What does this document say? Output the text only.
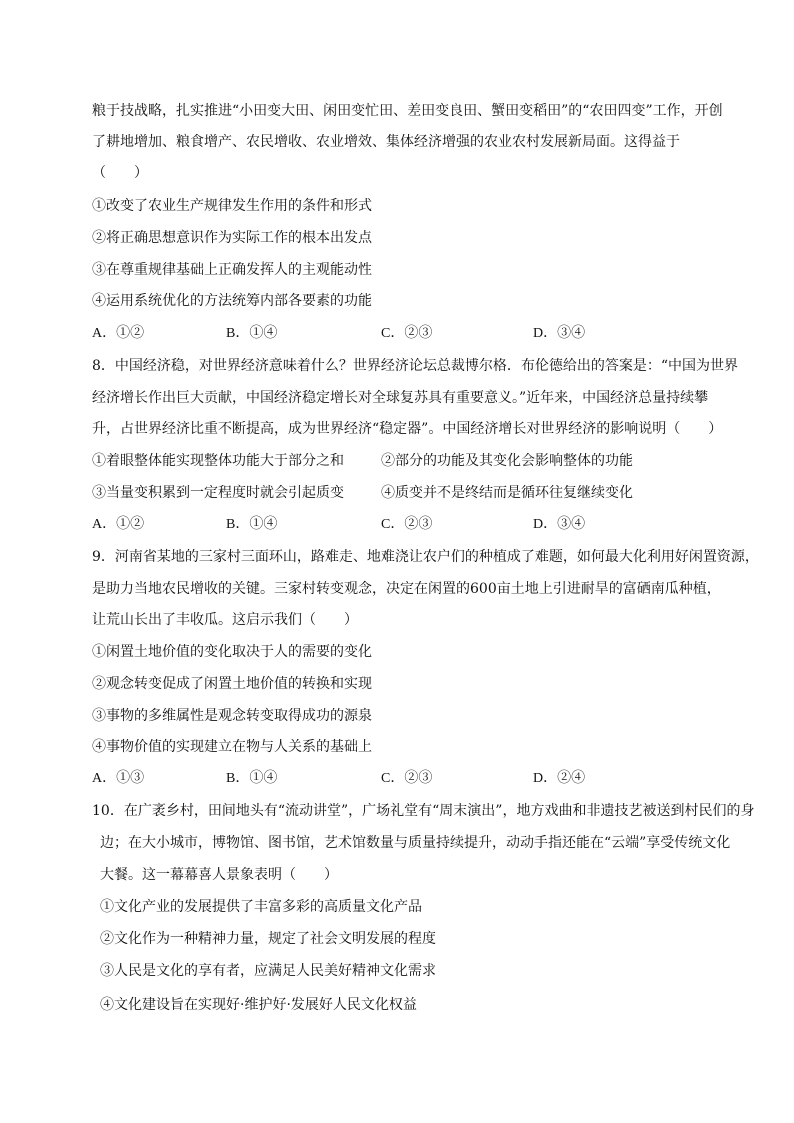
粮于技战略，扎实推进“小田变大田、闲田变忙田、差田变良田、蟹田变稻田”的“农田四变”工作，开创
了耕地增加、粮食增产、农民增收、农业增效、集体经济增强的农业农村发展新局面。这得益于
（　　）
①改变了农业生产规律发生作用的条件和形式
②将正确思想意识作为实际工作的根本出发点
③在尊重规律基础上正确发挥人的主观能动性
④运用系统优化的方法统筹内部各要素的功能
A．①②	B．①④	C．②③	D．③④
8．中国经济稳，对世界经济意味着什么？世界经济论坛总裁博尔格．布伦德给出的答案是：“中国为世界
经济增长作出巨大贡献，中国经济稳定增长对全球复苏具有重要意义。”近年来，中国经济总量持续攀
升，占世界经济比重不断提高，成为世界经济“稳定器”。中国经济增长对世界经济的影响说明（　　）
①着眼整体能实现整体功能大于部分之和	②部分的功能及其变化会影响整体的功能
③当量变积累到一定程度时就会引起质变	④质变并不是终结而是循环往复继续变化
A．①②	B．①④	C．②③	D．③④
9．河南省某地的三家村三面环山，路难走、地难浇让农户们的种植成了难题，如何最大化利用好闲置资源，
是助力当地农民增收的关键。三家村转变观念，决定在闲置的600亩土地上引进耐旱的富硒南瓜种植，
让荒山长出了丰收瓜。这启示我们（　　）
①闲置土地价值的变化取决于人的需要的变化
②观念转变促成了闲置土地价值的转换和实现
③事物的多维属性是观念转变取得成功的源泉
④事物价值的实现建立在物与人关系的基础上
A．①③	B．①④	C．②③	D．②④
10．在广袤乡村，田间地头有“流动讲堂”，广场礼堂有“周末演出”，地方戏曲和非遗技艺被送到村民们的身
边；在大小城市，博物馆、图书馆，艺术馆数量与质量持续提升，动动手指还能在“云端”享受传统文化
大餐。这一幕幕喜人景象表明（　　）
①文化产业的发展提供了丰富多彩的高质量文化产品
②文化作为一种精神力量，规定了社会文明发展的程度
③人民是文化的享有者，应满足人民美好精神文化需求
④文化建设旨在实现好·维护好·发展好人民文化权益
